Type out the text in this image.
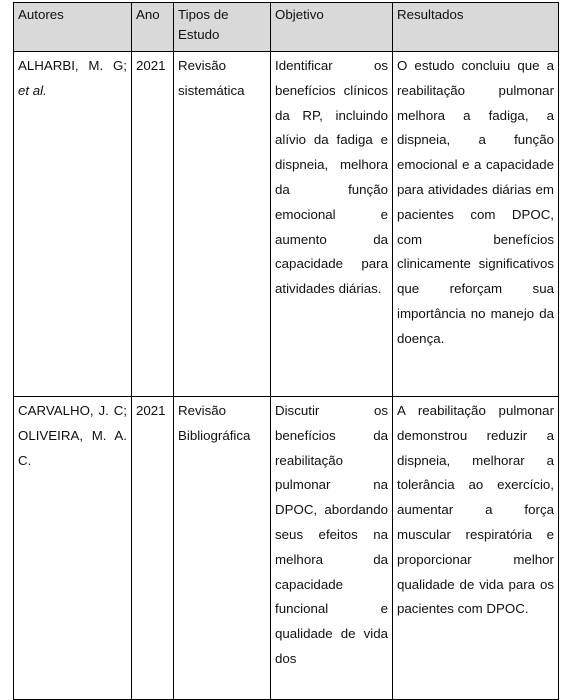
Autores	Ano	Tipos de Estudo	Objetivo	Resultados
ALHARBI, M. G; et al.	2021	Revisão sistemática	Identificar os benefícios clínicos da RP, incluindo alívio da fadiga e dispneia, melhora da função emocional e aumento da capacidade para atividades diárias.	O estudo concluiu que a reabilitação pulmonar melhora a fadiga, a dispneia, a função emocional e a capacidade para atividades diárias em pacientes com DPOC, com benefícios clinicamente significativos que reforçam sua importância no manejo da doença.
CARVALHO, J. C; OLIVEIRA, M. A. C.	2021	Revisão Bibliográfica	Discutir os benefícios da reabilitação pulmonar na DPOC, abordando seus efeitos na melhora da capacidade funcional e qualidade de vida dos	A reabilitação pulmonar demonstrou reduzir a dispneia, melhorar a tolerância ao exercício, aumentar a força muscular respiratória e proporcionar melhor qualidade de vida para os pacientes com DPOC.
